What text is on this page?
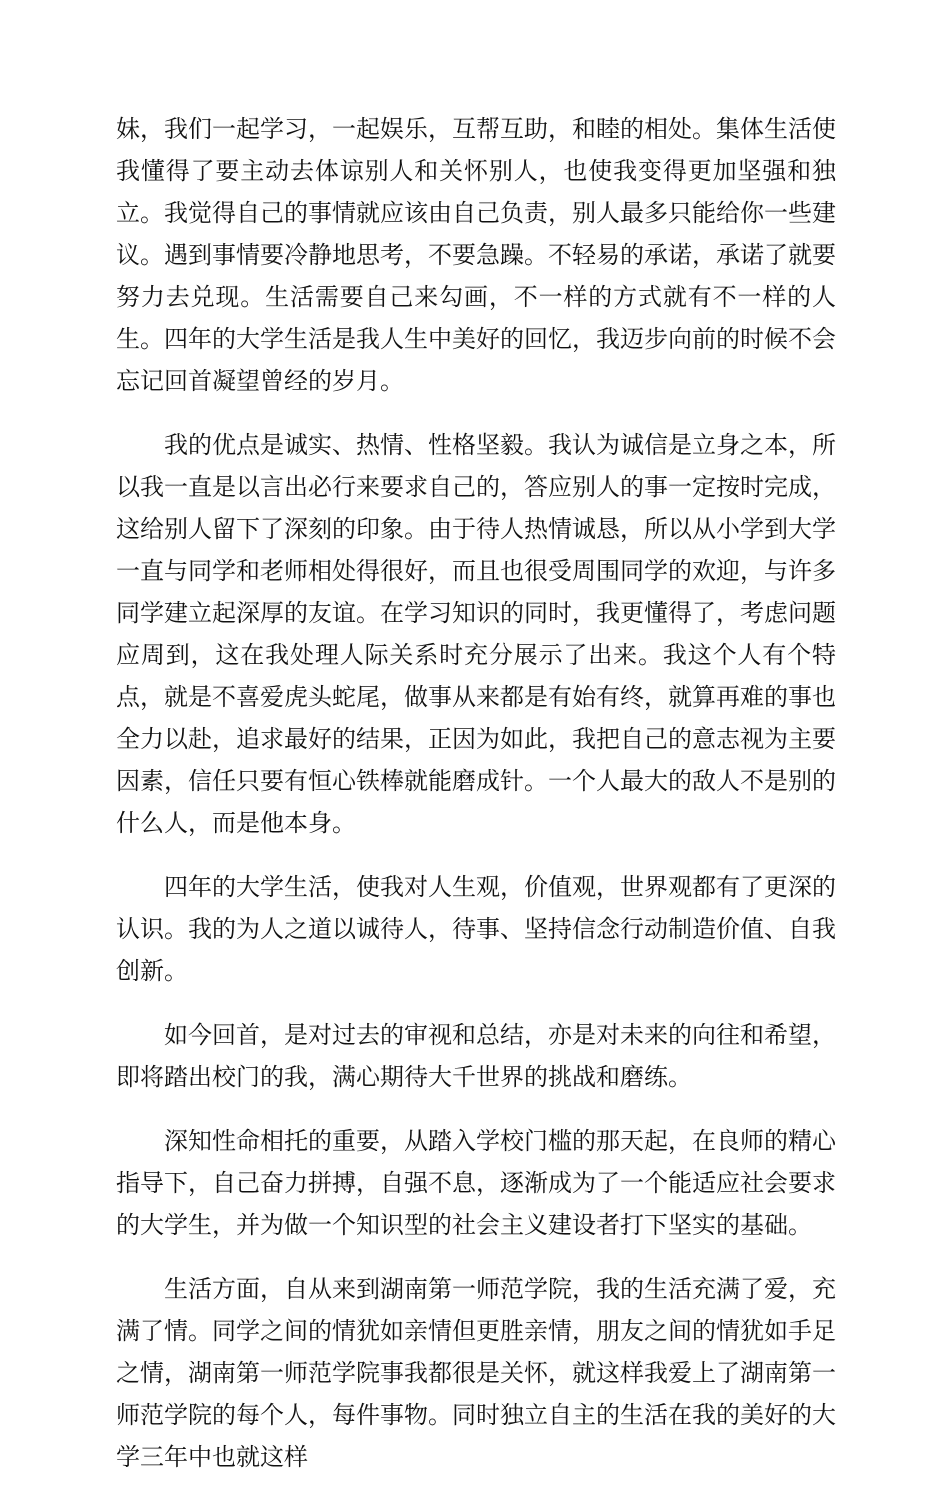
妹，我们一起学习，一起娱乐，互帮互助，和睦的相处。集体生活使我懂得了要主动去体谅别人和关怀别人，也使我变得更加坚强和独立。我觉得自己的事情就应该由自己负责，别人最多只能给你一些建议。遇到事情要冷静地思考，不要急躁。不轻易的承诺，承诺了就要努力去兑现。生活需要自己来勾画，不一样的方式就有不一样的人生。四年的大学生活是我人生中美好的回忆，我迈步向前的时候不会忘记回首凝望曾经的岁月。

我的优点是诚实、热情、性格坚毅。我认为诚信是立身之本，所以我一直是以言出必行来要求自己的，答应别人的事一定按时完成，这给别人留下了深刻的印象。由于待人热情诚恳，所以从小学到大学一直与同学和老师相处得很好，而且也很受周围同学的欢迎，与许多同学建立起深厚的友谊。在学习知识的同时，我更懂得了，考虑问题应周到，这在我处理人际关系时充分展示了出来。我这个人有个特点，就是不喜爱虎头蛇尾，做事从来都是有始有终，就算再难的事也全力以赴，追求最好的结果，正因为如此，我把自己的意志视为主要因素，信任只要有恒心铁棒就能磨成针。一个人最大的敌人不是别的什么人，而是他本身。

四年的大学生活，使我对人生观，价值观，世界观都有了更深的认识。我的为人之道以诚待人，待事、坚持信念行动制造价值、自我创新。

如今回首，是对过去的审视和总结，亦是对未来的向往和希望，即将踏出校门的我，满心期待大千世界的挑战和磨练。

深知性命相托的重要，从踏入学校门槛的那天起，在良师的精心指导下，自己奋力拼搏，自强不息，逐渐成为了一个能适应社会要求的大学生，并为做一个知识型的社会主义建设者打下坚实的基础。

生活方面，自从来到湖南第一师范学院，我的生活充满了爱，充满了情。同学之间的情犹如亲情但更胜亲情，朋友之间的情犹如手足之情，湖南第一师范学院事我都很是关怀，就这样我爱上了湖南第一师范学院的每个人，每件事物。同时独立自主的生活在我的美好的大学三年中也就这样
